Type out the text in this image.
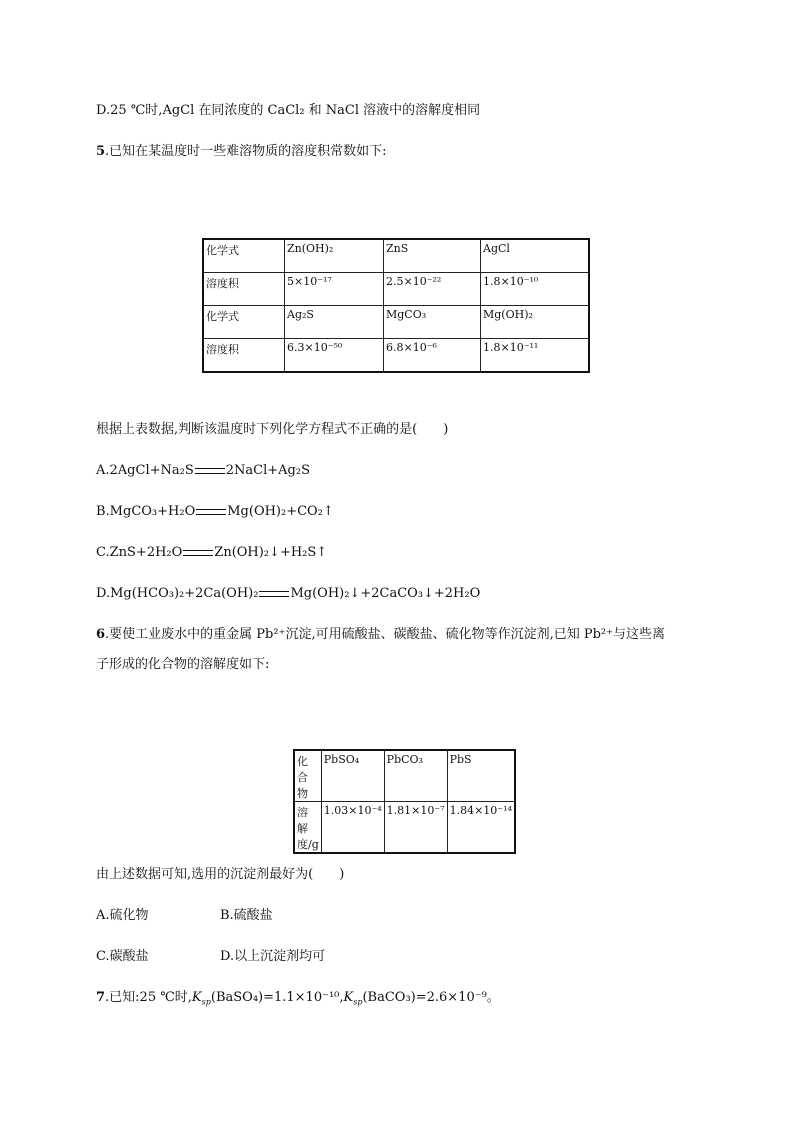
D.25 ℃时,AgCl 在同浓度的 CaCl₂ 和 NaCl 溶液中的溶解度相同
5.已知在某温度时一些难溶物质的溶度积常数如下:
化学式	Zn(OH)₂	ZnS	AgCl
溶度积	5×10⁻¹⁷	2.5×10⁻²²	1.8×10⁻¹⁰
化学式	Ag₂S	MgCO₃	Mg(OH)₂
溶度积	6.3×10⁻⁵⁰	6.8×10⁻⁶	1.8×10⁻¹¹
根据上表数据,判断该温度时下列化学方程式不正确的是(　　)
A.2AgCl+Na₂S 2NaCl+Ag₂S
B.MgCO₃+H₂O Mg(OH)₂+CO₂↑
C.ZnS+2H₂O Zn(OH)₂↓+H₂S↑
D.Mg(HCO₃)₂+2Ca(OH)₂ Mg(OH)₂↓+2CaCO₃↓+2H₂O
6.要使工业废水中的重金属 Pb²⁺沉淀,可用硫酸盐、碳酸盐、硫化物等作沉淀剂,已知 Pb²⁺与这些离
子形成的化合物的溶解度如下:
化合物	PbSO₄	PbCO₃	PbS
溶解度/g	1.03×10⁻⁴	1.81×10⁻⁷	1.84×10⁻¹⁴
由上述数据可知,选用的沉淀剂最好为(　　)
A.硫化物	B.硫酸盐
C.碳酸盐	D.以上沉淀剂均可
7.已知:25 ℃时$,K_{sp}(BaSO_4)=1.1\times 10^{-10},K_{sp}(BaCO_3)=2.6\times 10^{-9}$。
